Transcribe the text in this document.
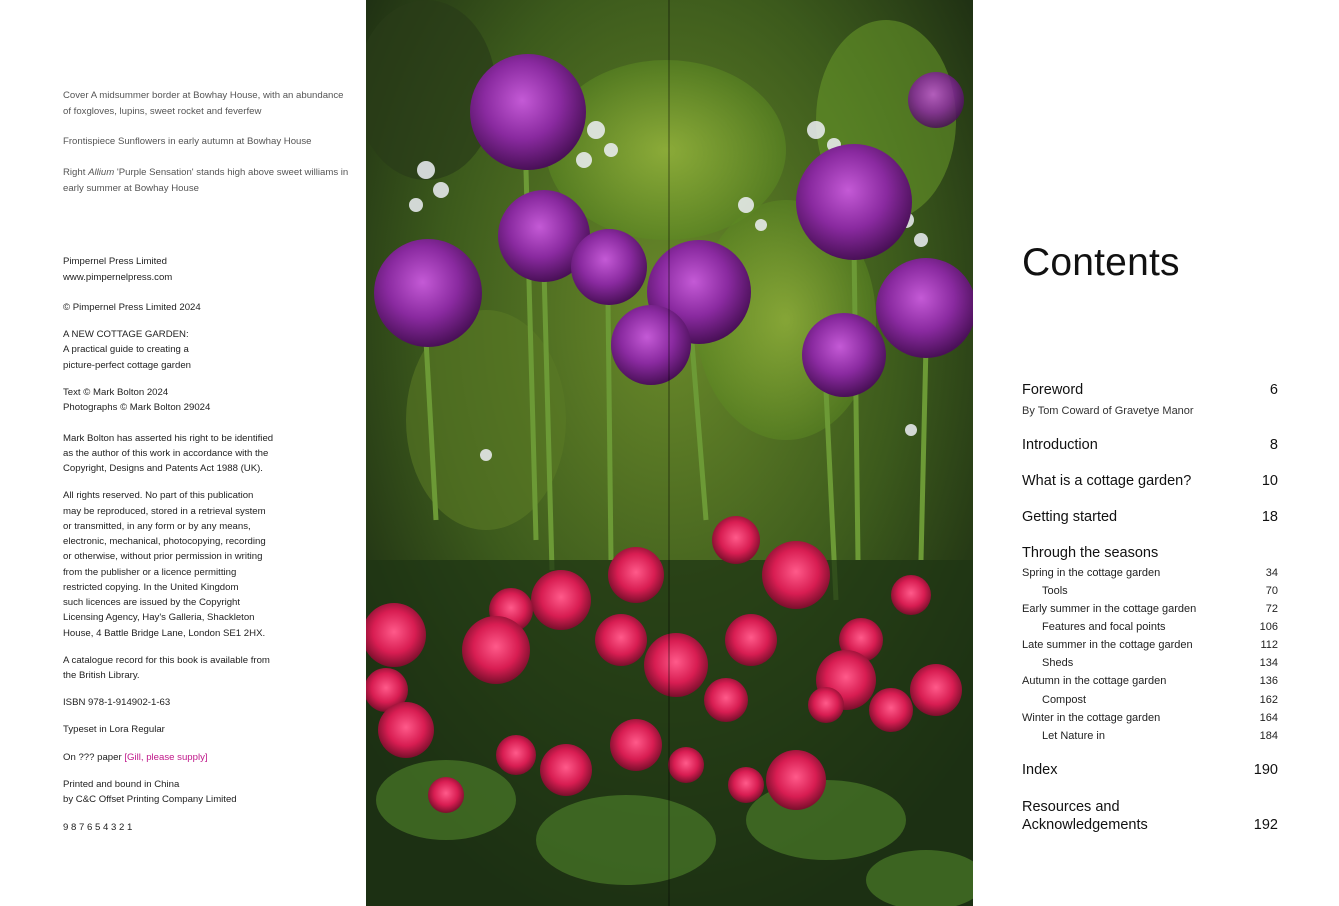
Cover A midsummer border at Bowhay House, with an abundance of foxgloves, lupins, sweet rocket and feverfew
Frontispiece Sunflowers in early autumn at Bowhay House
Right Allium 'Purple Sensation' stands high above sweet williams in early summer at Bowhay House
Pimpernel Press Limited
www.pimpernelpress.com
© Pimpernel Press Limited 2024
A NEW COTTAGE GARDEN:
A practical guide to creating a
picture-perfect cottage garden
Text © Mark Bolton 2024
Photographs © Mark Bolton 29024
Mark Bolton has asserted his right to be identified
as the author of this work in accordance with the
Copyright, Designs and Patents Act 1988 (UK).
All rights reserved. No part of this publication
may be reproduced, stored in a retrieval system
or transmitted, in any form or by any means,
electronic, mechanical, photocopying, recording
or otherwise, without prior permission in writing
from the publisher or a licence permitting
restricted copying. In the United Kingdom
such licences are issued by the Copyright
Licensing Agency, Hay's Galleria, Shackleton
House, 4 Battle Bridge Lane, London SE1 2HX.
A catalogue record for this book is available from
the British Library.
ISBN 978-1-914902-1-63
Typeset in Lora Regular
On ??? paper [Gill, please supply]
Printed and bound in China
by C&C Offset Printing Company Limited
9 8 7 6 5 4 3 2 1
Contents
Foreword	6
By Tom Coward of Gravetye Manor
Introduction	8
What is a cottage garden?	10
Getting started	18
Through the seasons
Spring in the cottage garden	34
Tools	70
Early summer in the cottage garden	72
Features and focal points	106
Late summer in the cottage garden	112
Sheds	134
Autumn in the cottage garden	136
Compost	162
Winter in the cottage garden	164
Let Nature in	184
Index	190
Resources and
Acknowledgements	192
